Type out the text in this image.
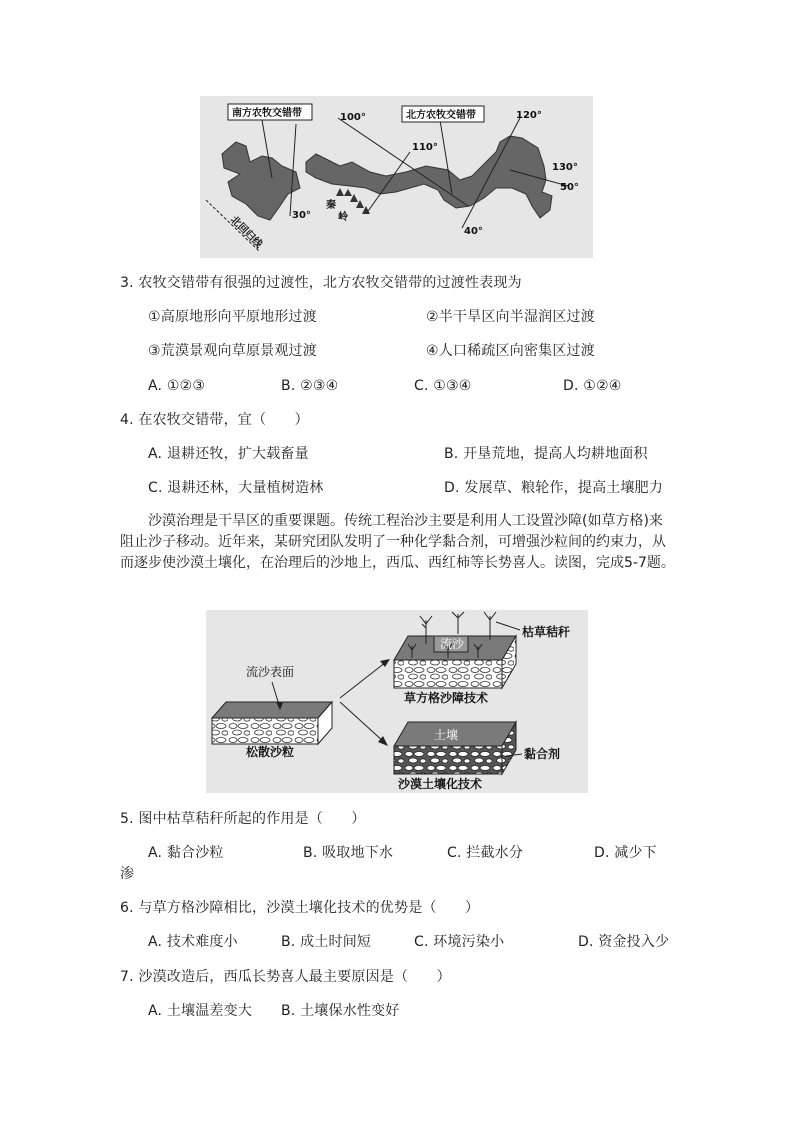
南方农牧交错带	北方农牧交错带
100°
110°
120°
130°
50°
30°
40°
秦
岭
北回归线
3. 农牧交错带有很强的过渡性，北方农牧交错带的过渡性表现为
①高原地形向平原地形过渡	②半干旱区向半湿润区过渡
③荒漠景观向草原景观过渡	④人口稀疏区向密集区过渡
A. ①②③	B. ②③④	C. ①③④	D. ①②④
4. 在农牧交错带，宜（　　）
A. 退耕还牧，扩大载畜量	B. 开垦荒地，提高人均耕地面积
C. 退耕还林，大量植树造林	D. 发展草、粮轮作，提高土壤肥力
沙漠治理是干旱区的重要课题。传统工程治沙主要是利用人工设置沙障(如草方格)来阻止沙子移动。近年来，某研究团队发明了一种化学黏合剂，可增强沙粒间的约束力，从而逐步使沙漠土壤化，在治理后的沙地上，西瓜、西红柿等长势喜人。读图，完成5-7题。
流沙表面
松散沙粒
枯草秸秆
流沙
草方格沙障技术
土壤
黏合剂
沙漠土壤化技术
5. 图中枯草秸秆所起的作用是（　　）
A. 黏合沙粒	B. 吸取地下水	C. 拦截水分	D. 减少下
渗
6. 与草方格沙障相比，沙漠土壤化技术的优势是（　　）
A. 技术难度小	B. 成土时间短	C. 环境污染小	D. 资金投入少
7. 沙漠改造后，西瓜长势喜人最主要原因是（　　）
A. 土壤温差变大 B. 土壤保水性变好
